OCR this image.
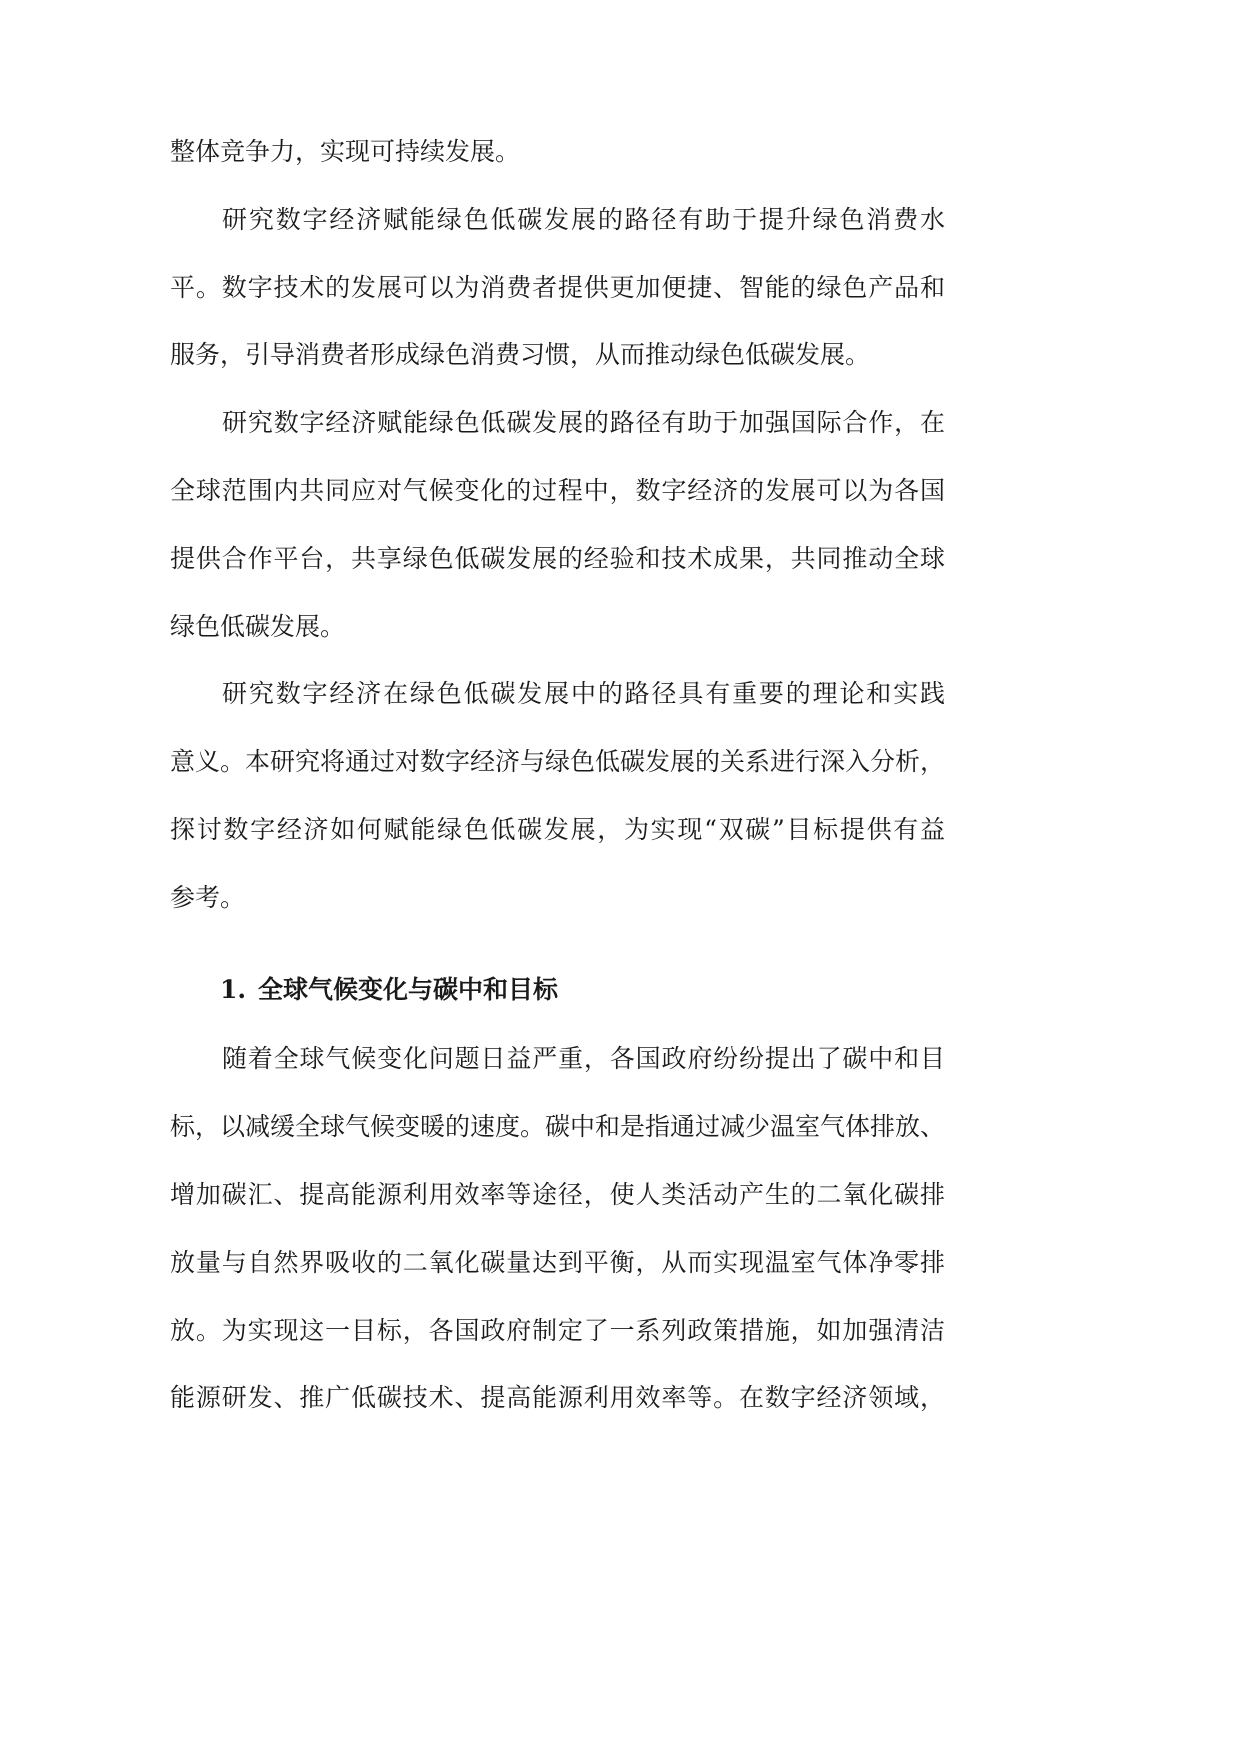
整体竞争力，实现可持续发展。
研究数字经济赋能绿色低碳发展的路径有助于提升绿色消费水
平。数字技术的发展可以为消费者提供更加便捷、智能的绿色产品和
服务，引导消费者形成绿色消费习惯，从而推动绿色低碳发展。
研究数字经济赋能绿色低碳发展的路径有助于加强国际合作，在
全球范围内共同应对气候变化的过程中，数字经济的发展可以为各国
提供合作平台，共享绿色低碳发展的经验和技术成果，共同推动全球
绿色低碳发展。
研究数字经济在绿色低碳发展中的路径具有重要的理论和实践
意义。本研究将通过对数字经济与绿色低碳发展的关系进行深入分析，
探讨数字经济如何赋能绿色低碳发展，为实现“双碳”目标提供有益
参考。
1. 全球气候变化与碳中和目标
随着全球气候变化问题日益严重，各国政府纷纷提出了碳中和目
标，以减缓全球气候变暖的速度。碳中和是指通过减少温室气体排放、
增加碳汇、提高能源利用效率等途径，使人类活动产生的二氧化碳排
放量与自然界吸收的二氧化碳量达到平衡，从而实现温室气体净零排
放。为实现这一目标，各国政府制定了一系列政策措施，如加强清洁
能源研发、推广低碳技术、提高能源利用效率等。在数字经济领域，
